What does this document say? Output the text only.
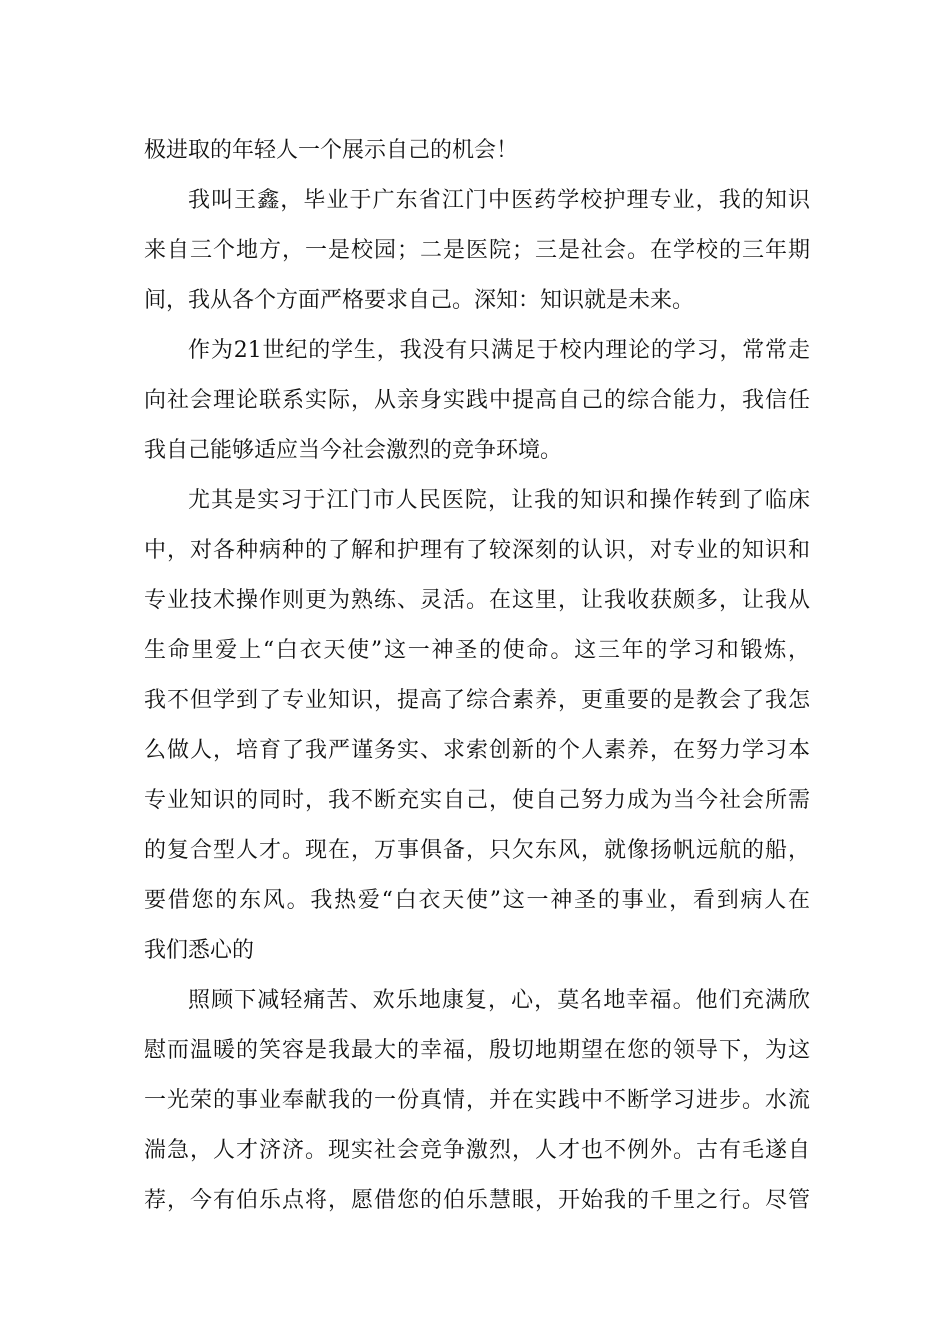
极进取的年轻人一个展示自己的机会！
我叫王鑫，毕业于广东省江门中医药学校护理专业，我的知识
来自三个地方，一是校园；二是医院；三是社会。在学校的三年期
间，我从各个方面严格要求自己。深知：知识就是未来。
作为21世纪的学生，我没有只满足于校内理论的学习，常常走
向社会理论联系实际，从亲身实践中提高自己的综合能力，我信任
我自己能够适应当今社会激烈的竞争环境。
尤其是实习于江门市人民医院，让我的知识和操作转到了临床
中，对各种病种的了解和护理有了较深刻的认识，对专业的知识和
专业技术操作则更为熟练、灵活。在这里，让我收获颇多，让我从
生命里爱上“白衣天使”这一神圣的使命。这三年的学习和锻炼，
我不但学到了专业知识，提高了综合素养，更重要的是教会了我怎
么做人，培育了我严谨务实、求索创新的个人素养，在努力学习本
专业知识的同时，我不断充实自己，使自己努力成为当今社会所需
的复合型人才。现在，万事俱备，只欠东风，就像扬帆远航的船，
要借您的东风。我热爱“白衣天使”这一神圣的事业，看到病人在
我们悉心的
照顾下减轻痛苦、欢乐地康复，心，莫名地幸福。他们充满欣
慰而温暖的笑容是我最大的幸福，殷切地期望在您的领导下，为这
一光荣的事业奉献我的一份真情，并在实践中不断学习进步。水流
湍急，人才济济。现实社会竞争激烈，人才也不例外。古有毛遂自
荐，今有伯乐点将，愿借您的伯乐慧眼，开始我的千里之行。尽管
